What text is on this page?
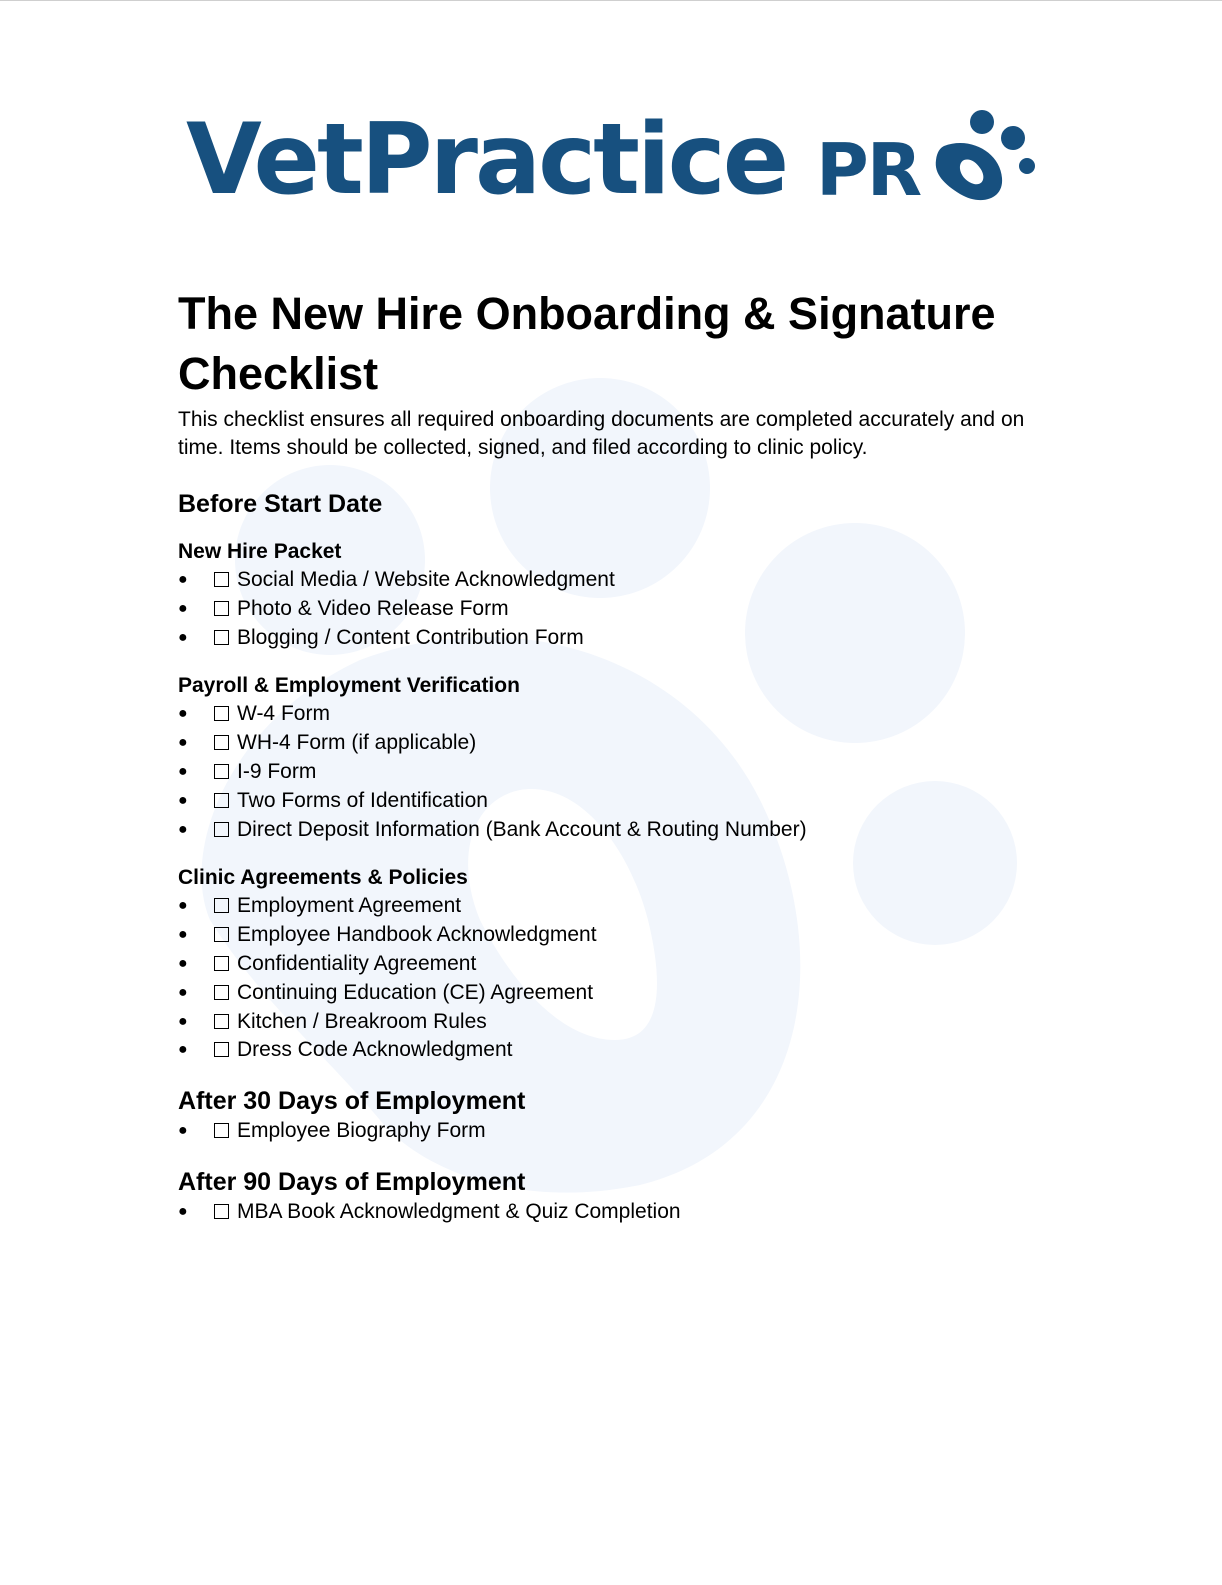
VetPractice PR
The New Hire Onboarding & Signature Checklist

This checklist ensures all required onboarding documents are completed accurately and on time. Items should be collected, signed, and filed according to clinic policy.

Before Start Date
New Hire Packet
● Social Media / Website Acknowledgment
● Photo & Video Release Form
● Blogging / Content Contribution Form
Payroll & Employment Verification
● W-4 Form
● WH-4 Form (if applicable)
● I-9 Form
● Two Forms of Identification
● Direct Deposit Information (Bank Account & Routing Number)
Clinic Agreements & Policies
● Employment Agreement
● Employee Handbook Acknowledgment
● Confidentiality Agreement
● Continuing Education (CE) Agreement
● Kitchen / Breakroom Rules
● Dress Code Acknowledgment
After 30 Days of Employment
● Employee Biography Form
After 90 Days of Employment
● MBA Book Acknowledgment & Quiz Completion
